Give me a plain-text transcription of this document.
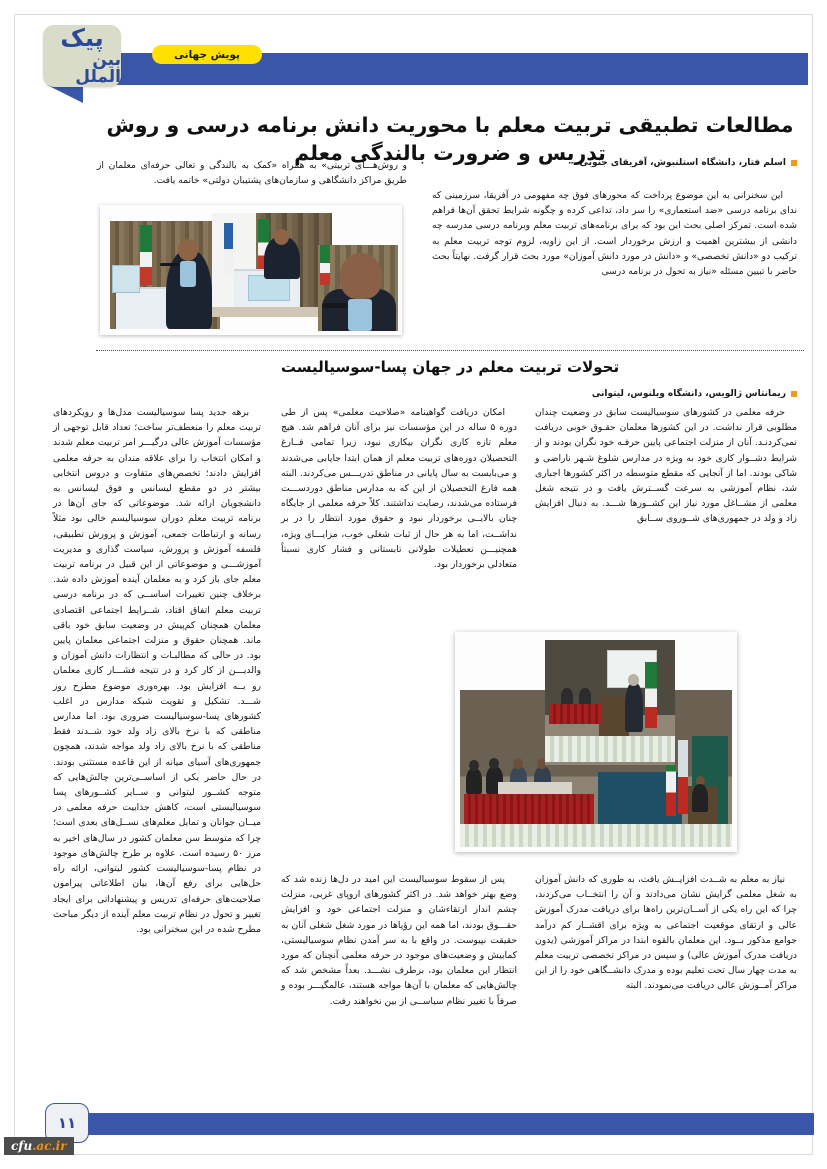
پیک
بین الملل
پویش جهانی
مطالعات تطبیقی تربیت معلم با محوریت دانش برنامه درسی و روش تدریس و ضرورت بالندگی معلم
اسلم فتار، دانشگاه استلنبوش، آفریقای جنوبی

این سخنرانی به این موضوع پرداخت که محورهای فوق چه مفهومی در آفریقا، سرزمینی که ندای برنامه درسی «ضد استعماری» را سر داد، تداعی کرده و چگونه شرایط تحقق آن‌ها فراهم شده است. تمرکز اصلی بحث این بود که برای برنامه‌های تربیت معلم وبرنامه درسی مدرسه چه دانشی از بیشترین اهمیت و ارزش برخوردار است. از این زاویه، لزوم توجه تربیت معلم به ترکیب دو «دانش تخصصی» و «دانش در مورد دانش آموزان» مورد بحث قرار گرفت. نهایتاً بحث حاضر با تبیین مسئله «نیاز به تحول در برنامه درسی

و روش‌هـــای تربیتی» به همراه «کمک به بالندگی و تعالی حرفه‌ای معلمان از طریق مراکز دانشگاهی و سازمان‌های پشتیبان دولتی» خاتمه یافت.

تحولات تربیت معلم در جهان پسا-سوسیالیست
ریمانتاس ژالویس، دانشگاه ویلنوس، لیتوانی

حرفه معلمی در کشورهای سوسیالیست سابق در وضعیت چندان مطلوبی قرار نداشت. در این کشورها معلمان حقـوق خوبی دریافت نمی‌کردنـد. آنان از منزلت اجتماعی پایین حرفـه خود نگران بودند و از شرایط دشــوار کاری خود به ویژه در مدارس شلوغ شـهر ناراضی و شاکی بودند. اما از آنجایی که مقطع متوسطه در اکثر کشورها اجباری شد، نظام آموزشی به سرعت گســترش یافت و در نتیجه شغل معلمی از مشــاغل مورد نیاز این کشــورها شـــد. به دنبال افزایش زاد و ولد در جمهوری‌های شــوروی ســابق

امکان دریافت گواهینامه «صلاحیت معلمی» پس از طی دوره ۵ ساله در این مؤسسات نیز برای آنان فراهم شد. هیچ معلم تازه کاری نگران بیکاری نبود، زیرا تمامی فــارغ التحصیلان دوره‌های تربیت معلم از همان ابتدا جایابی می‌شدند و می‌بایست به سال پایانی در مناطق تدریـــس می‌کردند. البته همه فارغ التحصیلان از این که به مدارس مناطق دوردســـت فرستاده می‌شدند، رضایت نداشتند. کلاً حرفه معلمی از جایگاه چنان بالایــی برخوردار نبود و حقوق مورد انتظار را در بر نداشــت، اما به هر حال از ثبات شغلی خوب، مزایـــای ویژه، همچنیـــن تعطیلات طولانی تابستانی و فشار کاری نسبتاً متعادلی برخوردار بود.

برهه جدید پسا سوسیالیست مدل‌ها و رویکردهای تربیت معلم را منعطف‌تر ساخت؛ تعداد قابل توجهی از مؤسسات آموزش عالی درگیـــر امر تربیت معلم شدند و امکان انتخاب را برای علاقه مندان به حرفه معلمی افزایش دادند؛ تخصص‌های متفاوت و دروس انتخابی بیشتر در دو مقطع لیسانس و فوق لیسانس به دانشجویان ارائه شد. موضوعاتی که جای آن‌ها در برنامه تربیت معلم دوران سوسیالیسم خالی بود مثلاً رسانه و ارتباطات جمعی، آموزش و پرورش تطبیقی، فلسفه آموزش و پرورش، سیاست گذاری و مدیریت آموزشـــی و موضوعاتی از این قبیل در برنامه تربیت معلم جای باز کرد و به معلمان آینده آموزش داده شد. برخلاف چنین تغییرات اساســی که در برنامه درسی تربیت معلم اتفاق افتاد، شــرایط اجتماعی اقتصادی معلمان همچنان کم‌پیش در وضعیت سابق خود باقی ماند. همچنان حقوق و منزلت اجتماعی معلمان پایین بود. در حالی که مطالبـات و انتظارات دانش آموزان و والدیـــن از کار کرد و در نتیجه فشـــار کاری معلمان رو بــه افزایش بود. بهره‌وری موضوع مطرح روز شـــد. تشکیل و تقویت شبکه مدارس در اغلب کشورهای پسا-سوسیالیست ضروری بود. اما مدارس مناطقی که با نرخ بالای زاد ولد خود شــدند فقط مناطقی که با نرخ بالای زاد ولد مواجه شدند، همچون جمهوری‌های آسیای میانه از این قاعده مستثنی بودند. در حال حاضر یکی از اساســی‌ترین چالش‌هایی که متوجه کشــور لیتوانی و ســایر کشــورهای پسا سوسیالیستی است، کاهش جذابیت حرفه معلمی در میــان جوانان و تمایل معلم‌های نســل‌های بعدی است؛ چرا که متوسط سن معلمان کشور در سال‌های اخیر به مرز ۵۰ رسیده است. علاوه بر طرح چالش‌های موجود در نظام پسا-سوسیالیست کشور لیتوانی، ارائه راه حل‌هایی برای رفع آن‌ها، بیان اطلاعاتی پیرامون صلاحیت‌های حرفه‌ای تدریس و پیشنهاداتی برای ایجاد تغییر و تحول در نظام تربیت معلم آینده از دیگر مباحث مطرح شده در این سخنرانی بود.

نیاز به معلم به شــدت افزایــش یافت، به طوری که دانش آموزان به شغل معلمی گرایش نشان می‌دادند و آن را انتخــاب می‌کردند، چرا که این راه یکی از آســان‌ترین راه‌ها برای دریافت مدرک آموزش عالی و ارتقای موقعیت اجتماعی به ویژه برای اقشــار کم درآمد جوامع مذکور بــود. این معلمان بالقوه ابتدا در مراکز آموزشی (یدون دریافت مدرک آموزش عالی) و سپس در مراکز تخصصی تربیت معلم به مدت چهار سال تحت تعلیم بوده و مدرک دانشــگاهی خود را از این مراکز آمــوزش عالی دریافت می‌نمودند. البته

پس از سقوط سوسیالیست این امید در دل‌ها زنده شد که وضع بهتر خواهد شد. در اکثر کشورهای اروپای غربی، منزلت چشم انداز ارتقاءشان و منزلت اجتماعی خود و افزایش حقـــوق بودند، اما همه این رؤیاها در مورد شغل شغلی آنان به حقیقت نپیوست. در واقع با به سر آمدن نظام سوسیالیستی، کمابیش و وضعیت‌های موجود در حرفه معلمی آنچنان که مورد انتظار این معلمان بود، برطرف نشـــد. بعداً مشخص شد که چالش‌هایی که معلمان با آن‌ها مواجه هستند، عالمگیـــر بوده و صرفاً با تغییر نظام سیاســی از بین نخواهند رفت.

۱۱
cfu.ac.ir
